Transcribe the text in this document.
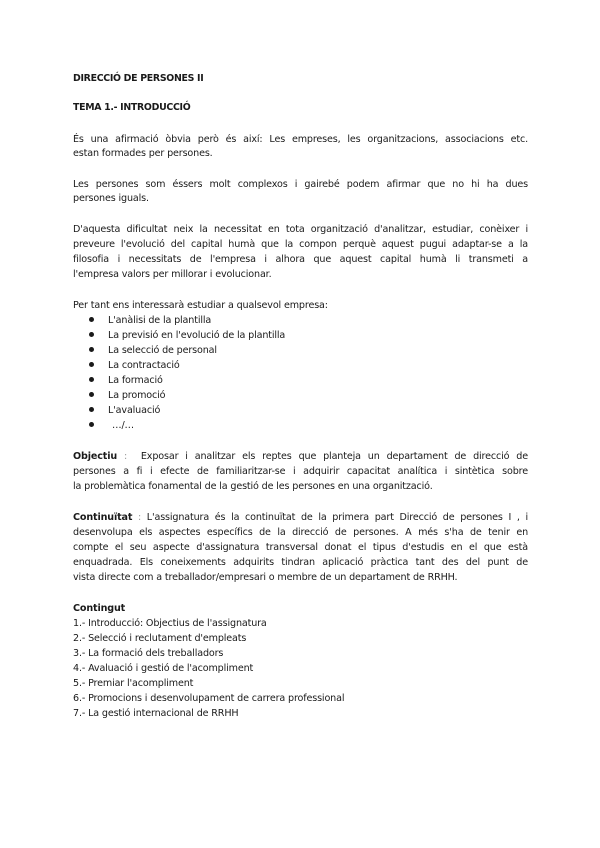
DIRECCIÓ DE PERSONES II
TEMA 1.- INTRODUCCIÓ
És una afirmació òbvia però és així: Les empreses, les organitzacions, associacions etc.
estan formades per persones.
Les persones som éssers molt complexos i gairebé podem afirmar que no hi ha dues
persones iguals.
D'aquesta dificultat neix la necessitat en tota organització d'analitzar, estudiar, conèixer i
preveure l'evolució del capital humà que la compon perquè aquest pugui adaptar-se a la
filosofia i necessitats de l'empresa i alhora que aquest capital humà li transmeti a
l'empresa valors per millorar i evolucionar.
Per tant ens interessarà estudiar a qualsevol empresa:
L'anàlisi de la plantilla
La previsió en l'evolució de la plantilla
La selecció de personal
La contractació
La formació
La promoció
L'avaluació
…/…
Objectiu :  Exposar i analitzar els reptes que planteja un departament de direcció de
persones a fi i efecte de familiaritzar-se i adquirir capacitat analítica i sintètica sobre
la problemàtica fonamental de la gestió de les persones en una organització.
Continuïtat : L'assignatura és la continuïtat de la primera part Direcció de persones I , i
desenvolupa els aspectes específics de la direcció de persones. A més s'ha de tenir en
compte el seu aspecte d'assignatura transversal donat el tipus d'estudis en el que està
enquadrada. Els coneixements adquirits tindran aplicació pràctica tant des del punt de
vista directe com a treballador/empresari o membre de un departament de RRHH.
Contingut
1.- Introducció: Objectius de l'assignatura
2.- Selecció i reclutament d'empleats
3.- La formació dels treballadors
4.- Avaluació i gestió de l'acompliment
5.- Premiar l'acompliment
6.- Promocions i desenvolupament de carrera professional
7.- La gestió internacional de RRHH
